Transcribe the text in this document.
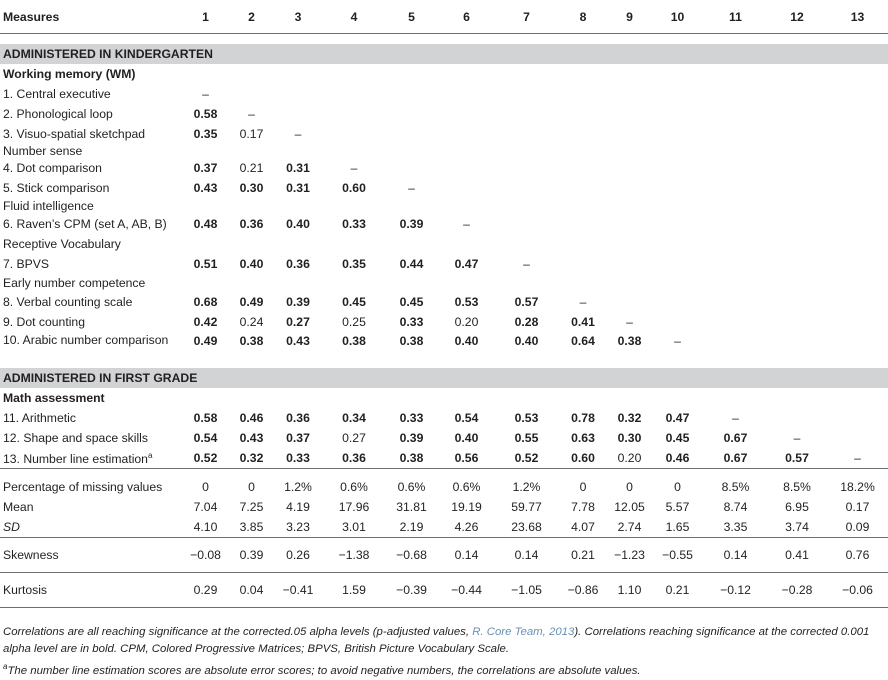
Measures	1	2	3	4	5	6	7	8	9	10	11	12	13

ADMINISTERED IN KINDERGARTEN													
Working memory (WM)													
1. Central executive	–												
2. Phonological loop	0.58	–											
3. Visuo-spatial sketchpad	0.35	0.17	–										
Number sense													
4. Dot comparison	0.37	0.21	0.31	–									
5. Stick comparison	0.43	0.30	0.31	0.60	–								
Fluid intelligence													
6. Raven’s CPM (set A, AB, B)	0.48	0.36	0.40	0.33	0.39	–							
Receptive Vocabulary													
7. BPVS	0.51	0.40	0.36	0.35	0.44	0.47	–						
Early number competence													
8. Verbal counting scale	0.68	0.49	0.39	0.45	0.45	0.53	0.57	–					
9. Dot counting	0.42	0.24	0.27	0.25	0.33	0.20	0.28	0.41	–				
10. Arabic number comparison	0.49	0.38	0.43	0.38	0.38	0.40	0.40	0.64	0.38	–			
ADMINISTERED IN FIRST GRADE													
Math assessment													
11. Arithmetic	0.58	0.46	0.36	0.34	0.33	0.54	0.53	0.78	0.32	0.47	–		
12. Shape and space skills	0.54	0.43	0.37	0.27	0.39	0.40	0.55	0.63	0.30	0.45	0.67	–	
13. Number line estimation$^a$	0.52	0.32	0.33	0.36	0.38	0.56	0.52	0.60	0.20	0.46	0.67	0.57	–

Percentage of missing values	0	0	1.2%	0.6%	0.6%	0.6%	1.2%	0	0	0	8.5%	8.5%	18.2%
Mean	7.04	7.25	4.19	17.96	31.81	19.19	59.77	7.78	12.05	5.57	8.74	6.95	0.17
SD	4.10	3.85	3.23	3.01	2.19	4.26	23.68	4.07	2.74	1.65	3.35	3.74	0.09
Skewness	−0.08	0.39	0.26	−1.38	−0.68	0.14	0.14	0.21	−1.23	−0.55	0.14	0.41	0.76
Kurtosis	0.29	0.04	−0.41	1.59	−0.39	−0.44	−1.05	−0.86	1.10	0.21	−0.12	−0.28	−0.06

Correlations are all reaching significance at the corrected.05 alpha levels (p-adjusted values, R. Core Team, 2013). Correlations reaching significance at the corrected 0.001 alpha level are in bold. CPM, Colored Progressive Matrices; BPVS, British Picture Vocabulary Scale.

$^a$The number line estimation scores are absolute error scores; to avoid negative numbers, the correlations are absolute values.
